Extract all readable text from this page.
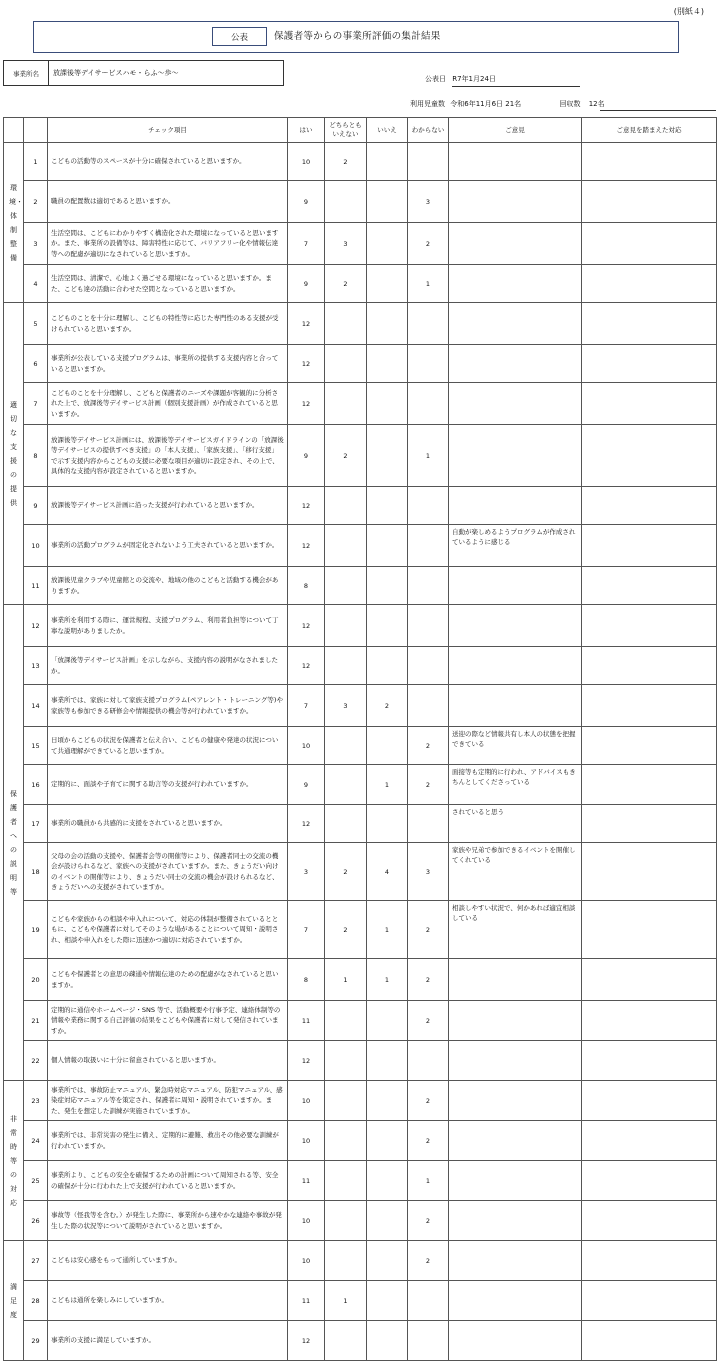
(別紙４)
公表	保護者等からの事業所評価の集計結果
事業所名	放課後等デイサービスハモ・らふ〜歩〜
公表日 R7年1月24日
利用児童数 令和6年11月6日 21名	回収数 12名
		チェック項目	はい	どちらとも
いえない	いいえ	わからない	ご意見	ご意見を踏まえた対応
環境・体制整備	1	こどもの活動等のスペースが十分に確保されていると思いますか。	10	2				
	2	職員の配置数は適切であると思いますか。	9			3		
	3	生活空間は、こどもにわかりやすく構造化された環境になっていると思いますか。また、事業所の設備等は、障害特性に応じて、バリアフリー化や情報伝達等への配慮が適切になされていると思いますか。	7	3		2		
	4	生活空間は、清潔で、心地よく過ごせる環境になっていると思いますか。また、こども達の活動に合わせた空間となっていると思いますか。	9	2		1		
適切な支援の提供	5	こどものことを十分に理解し、こどもの特性等に応じた専門性のある支援が受けられていると思いますか。	12					
	6	事業所が公表している支援プログラムは、事業所の提供する支援内容と合っていると思いますか。	12					
	7	こどものことを十分理解し、こどもと保護者のニーズや課題が客観的に分析された上で、放課後等デイサービス計画（個別支援計画）が作成されていると思いますか。	12					
	8	放課後等デイサービス計画には、放課後等デイサービスガイドラインの「放課後等デイサービスの提供すべき支援」の「本人支援」、「家族支援」、「移行支援」で示す支援内容からこどもの支援に必要な項目が適切に設定され、その上で、具体的な支援内容が設定されていると思いますか。	9	2		1		
	9	放課後等デイサービス計画に沿った支援が行われていると思いますか。	12					
	10	事業所の活動プログラムが固定化されないよう工夫されていると思いますか。	12				自動が楽しめるようプログラムが作成されているように感じる	
	11	放課後児童クラブや児童館との交流や、地域の他のこどもと活動する機会がありますか。	8					
保護者への説明等	12	事業所を利用する際に、運営規程、支援プログラム、利用者負担等について丁寧な説明がありましたか。	12					
	13	「放課後等デイサービス計画」を示しながら、支援内容の説明がなされましたか。	12					
	14	事業所では、家族に対して家族支援プログラム(ペアレント・トレーニング等)や家族等も参加できる研修会や情報提供の機会等が行われていますか。	7	3	2			
	15	日頃からこどもの状況を保護者と伝え合い、こどもの健康や発達の状況について共通理解ができていると思いますか。	10			2	送迎の際など情報共有し本人の状態を把握できている	
	16	定期的に、面談や子育てに関する助言等の支援が行われていますか。	9		1	2	面接等も定期的に行われ、アドバイスもきちんとしてくださっている	
	17	事業所の職員から共感的に支援をされていると思いますか。	12				されていると思う	
	18	父母の会の活動の支援や、保護者会等の開催等により、保護者同士の交流の機会が設けられるなど、家族への支援がされていますか。また、きょうだい向けのイベントの開催等により、きょうだい同士の交流の機会が設けられるなど、きょうだいへの支援がされていますか。	3	2	4	3	家族や兄弟で参加できるイベントを開催してくれている	
	19	こどもや家族からの相談や申入れについて、対応の体制が整備されているとともに、こどもや保護者に対してそのような場があることについて周知・説明され、相談や申入れをした際に迅速かつ適切に対応されていますか。	7	2	1	2	相談しやすい状況で、何かあれば適宜相談している	
	20	こどもや保護者との意思の疎通や情報伝達のための配慮がなされていると思いますか。	8	1	1	2		
	21	定期的に通信やホームページ・SNS 等で、活動概要や行事予定、連絡体制等の情報や業務に関する自己評価の結果をこどもや保護者に対して発信されていますか。	11			2		
	22	個人情報の取扱いに十分に留意されていると思いますか。	12					
非常時等の対応	23	事業所では、事故防止マニュアル、緊急時対応マニュアル、防犯マニュアル、感染症対応マニュアル等を策定され、保護者に周知・説明されていますか。また、発生を想定した訓練が実施されていますか。	10			2		
	24	事業所では、非常災害の発生に備え、定期的に避難、救出その他必要な訓練が行われていますか。	10			2		
	25	事業所より、こどもの安全を確保するための計画について周知される等、安全の確保が十分に行われた上で支援が行われていると思いますか。	11			1		
	26	事故等（怪我等を含む。）が発生した際に、事業所から速やかな連絡や事故が発生した際の状況等について説明がされていると思いますか。	10			2		
満足度	27	こどもは安心感をもって通所していますか。	10			2		
	28	こどもは通所を楽しみにしていますか。	11	1				
	29	事業所の支援に満足していますか。	12					
